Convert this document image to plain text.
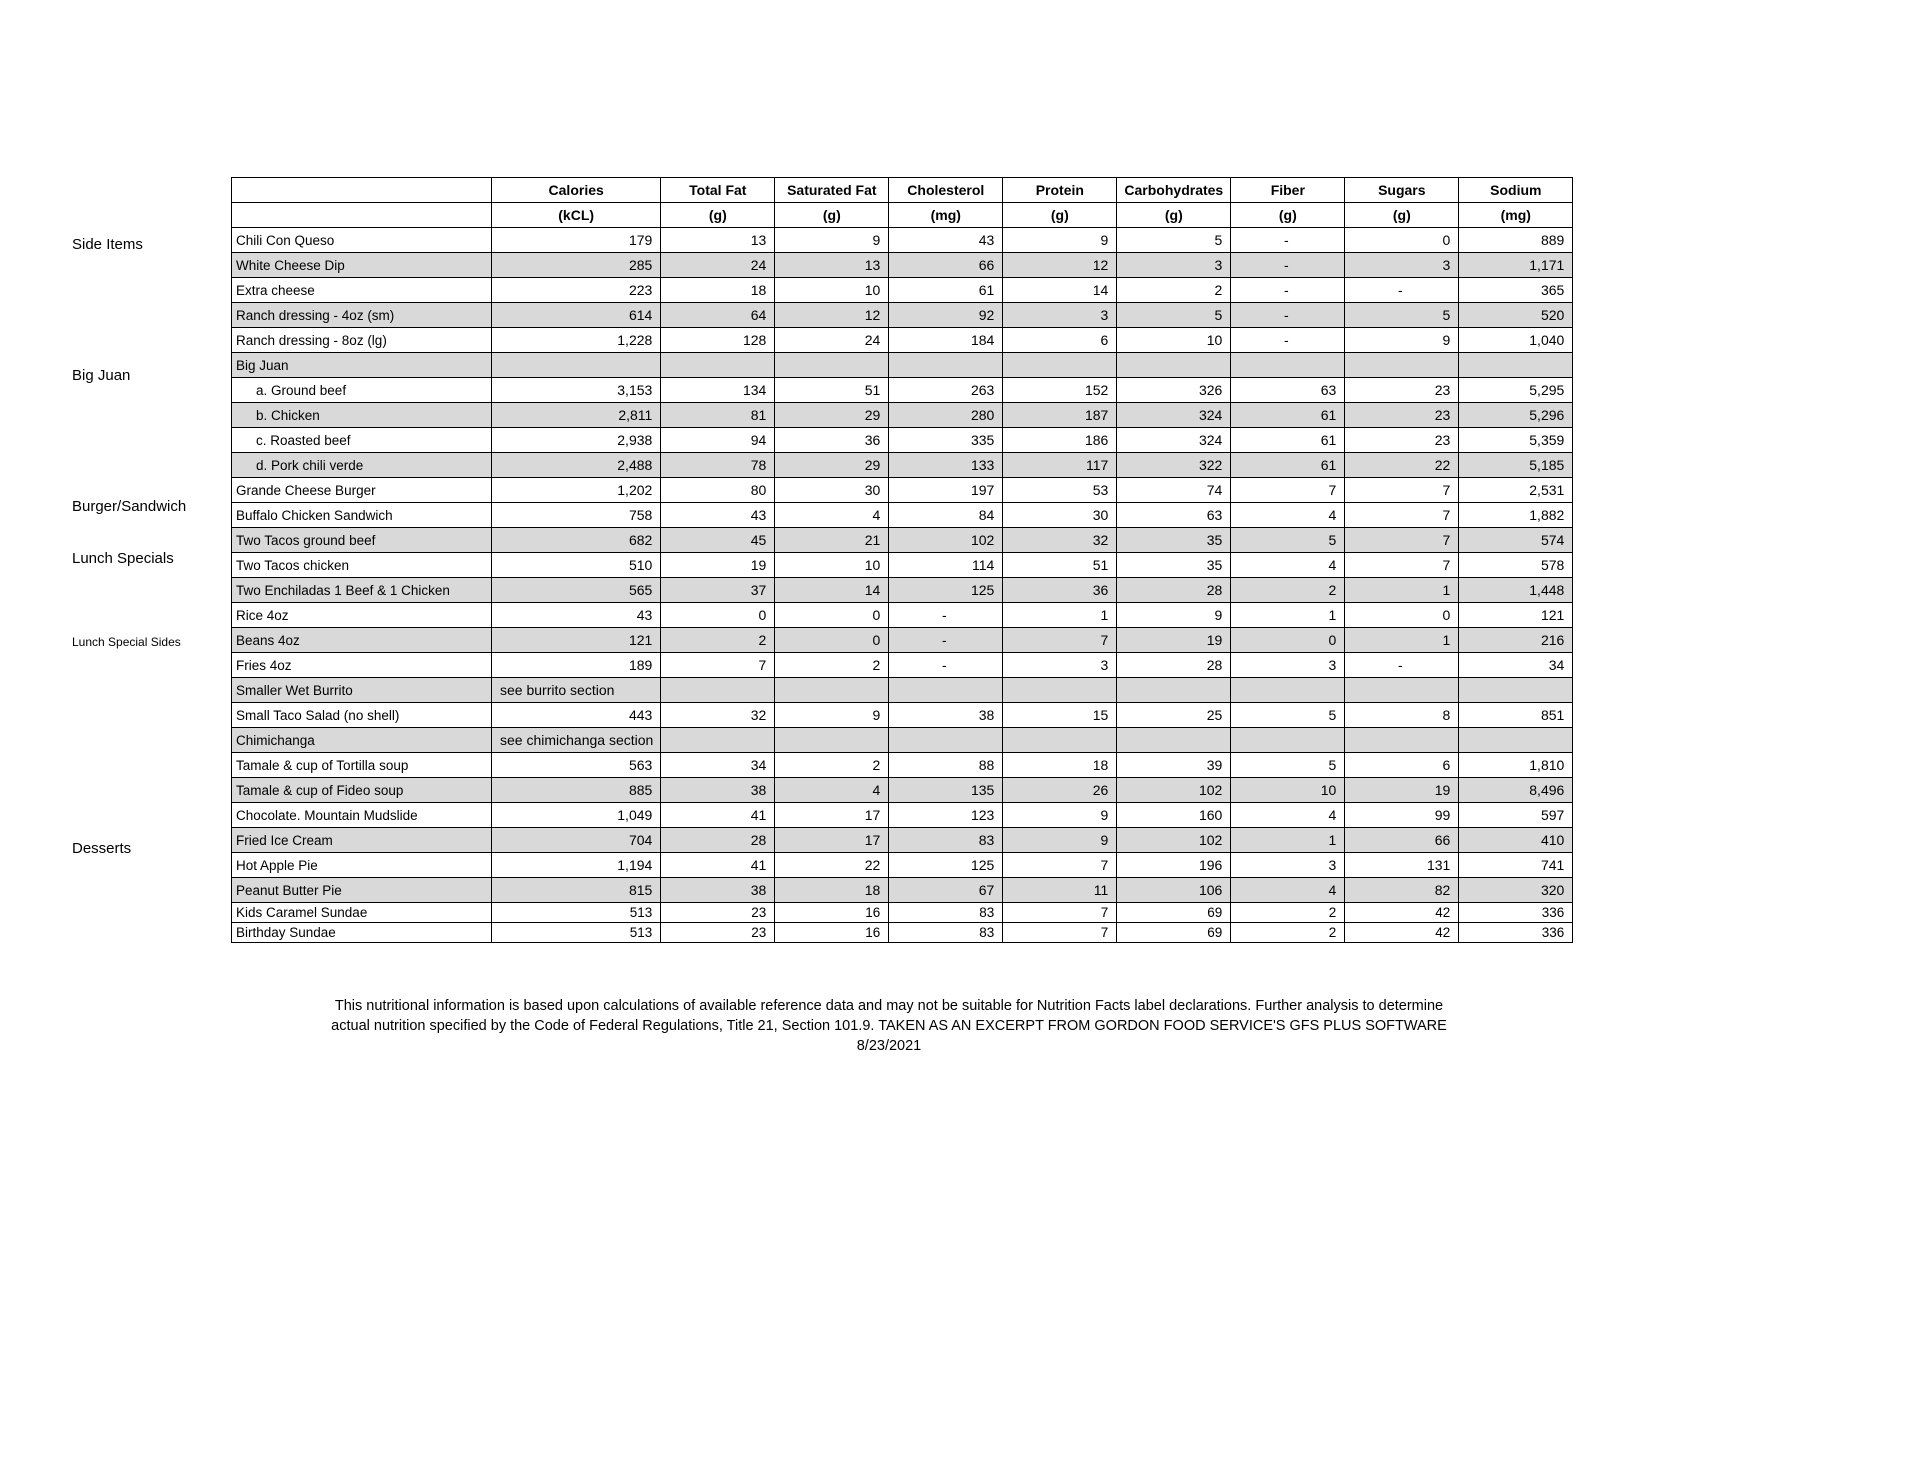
Side Items
Big Juan
Burger/Sandwich
Lunch Specials
Lunch Special Sides
Desserts
	Calories	Total Fat	Saturated Fat	Cholesterol	Protein	Carbohydrates	Fiber	Sugars	Sodium
	(kCL)	(g)	(g)	(mg)	(g)	(g)	(g)	(g)	(mg)
Chili Con Queso	179	13	9	43	9	5	-	0	889
White Cheese Dip	285	24	13	66	12	3	-	3	1,171
Extra cheese	223	18	10	61	14	2	-	-	365
Ranch dressing - 4oz (sm)	614	64	12	92	3	5	-	5	520
Ranch dressing - 8oz (lg)	1,228	128	24	184	6	10	-	9	1,040
Big Juan									
a. Ground beef	3,153	134	51	263	152	326	63	23	5,295
b. Chicken	2,811	81	29	280	187	324	61	23	5,296
c. Roasted beef	2,938	94	36	335	186	324	61	23	5,359
d. Pork chili verde	2,488	78	29	133	117	322	61	22	5,185
Grande Cheese Burger	1,202	80	30	197	53	74	7	7	2,531
Buffalo Chicken Sandwich	758	43	4	84	30	63	4	7	1,882
Two Tacos ground beef	682	45	21	102	32	35	5	7	574
Two Tacos chicken	510	19	10	114	51	35	4	7	578
Two Enchiladas 1 Beef & 1 Chicken	565	37	14	125	36	28	2	1	1,448
Rice 4oz	43	0	0	-	1	9	1	0	121
Beans 4oz	121	2	0	-	7	19	0	1	216
Fries 4oz	189	7	2	-	3	28	3	-	34
Smaller Wet Burrito	see burrito section								
Small Taco Salad (no shell)	443	32	9	38	15	25	5	8	851
Chimichanga	see chimichanga section								
Tamale & cup of Tortilla soup	563	34	2	88	18	39	5	6	1,810
Tamale & cup of Fideo soup	885	38	4	135	26	102	10	19	8,496
Chocolate. Mountain Mudslide	1,049	41	17	123	9	160	4	99	597
Fried Ice Cream	704	28	17	83	9	102	1	66	410
Hot Apple Pie	1,194	41	22	125	7	196	3	131	741
Peanut Butter Pie	815	38	18	67	11	106	4	82	320
Kids Caramel Sundae	513	23	16	83	7	69	2	42	336
Birthday Sundae	513	23	16	83	7	69	2	42	336

This nutritional information is based upon calculations of available reference data and may not be suitable for Nutrition Facts label declarations. Further analysis to determine

actual nutrition specified by the Code of Federal Regulations, Title 21, Section 101.9. TAKEN AS AN EXCERPT FROM GORDON FOOD SERVICE'S GFS PLUS SOFTWARE

8/23/2021
